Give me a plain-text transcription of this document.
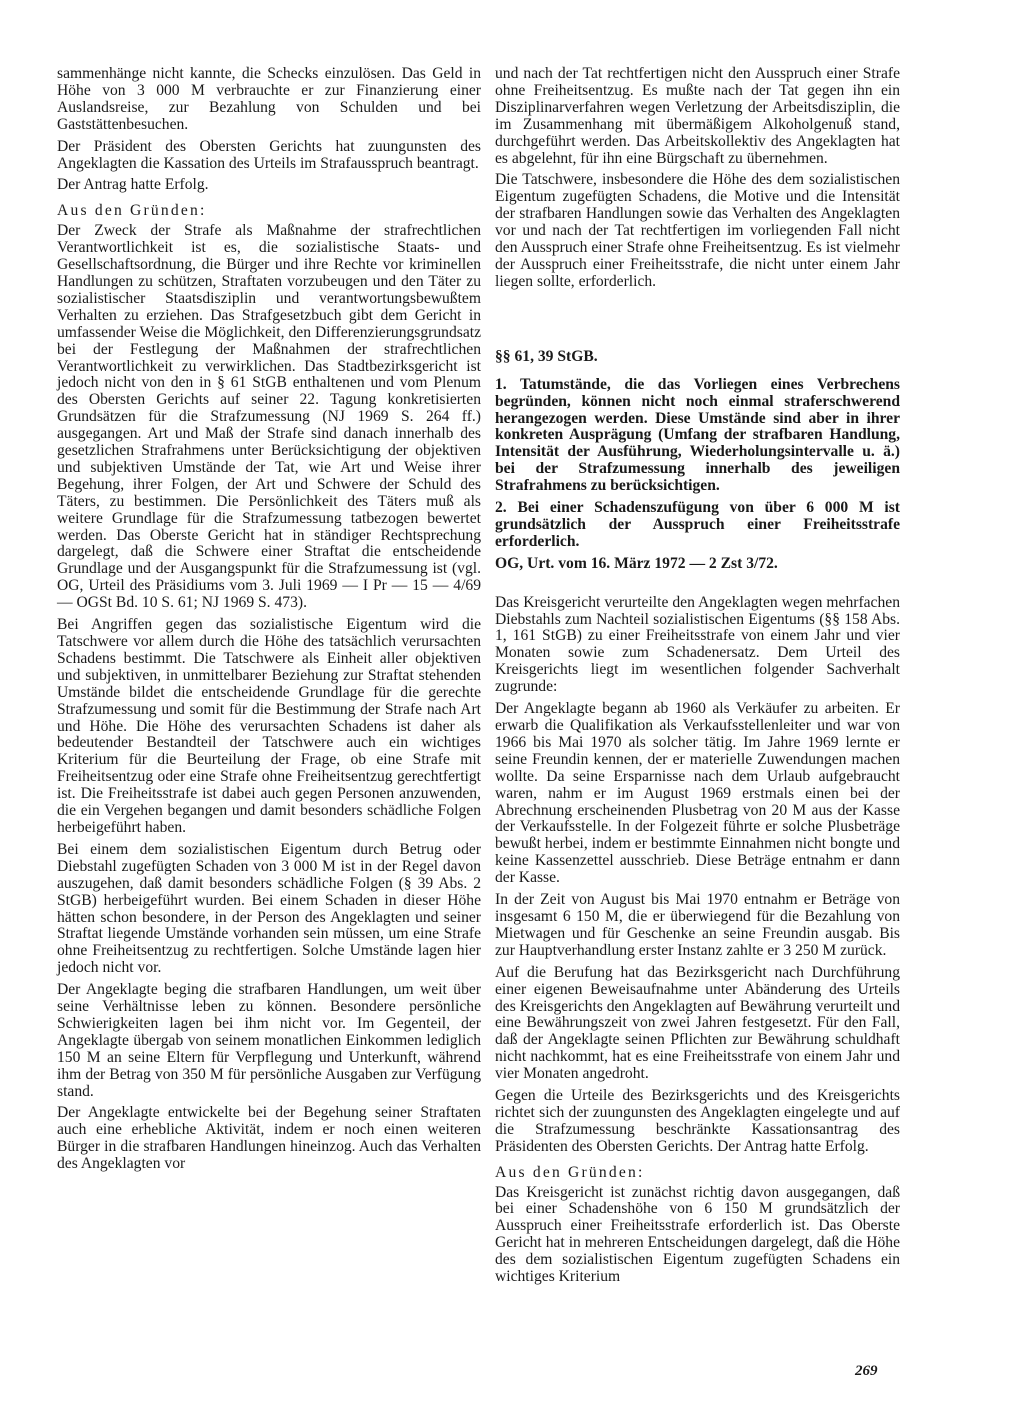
sammenhänge nicht kannte, die Schecks einzulösen. Das Geld in Höhe von 3 000 M verbrauchte er zur Finanzierung einer Auslandsreise, zur Bezahlung von Schulden und bei Gaststättenbesuchen.

Der Präsident des Obersten Gerichts hat zuungunsten des Angeklagten die Kassation des Urteils im Strafausspruch beantragt.

Der Antrag hatte Erfolg.

Aus den Gründen:

Der Zweck der Strafe als Maßnahme der strafrechtlichen Verantwortlichkeit ist es, die sozialistische Staats- und Gesellschaftsordnung, die Bürger und ihre Rechte vor kriminellen Handlungen zu schützen, Straftaten vorzubeugen und den Täter zu sozialistischer Staatsdisziplin und verantwortungsbewußtem Verhalten zu erziehen. Das Strafgesetzbuch gibt dem Gericht in umfassender Weise die Möglichkeit, den Differenzierungsgrundsatz bei der Festlegung der Maßnahmen der strafrechtlichen Verantwortlichkeit zu verwirklichen. Das Stadtbezirksgericht ist jedoch nicht von den in § 61 StGB enthaltenen und vom Plenum des Obersten Gerichts auf seiner 22. Tagung konkretisierten Grundsätzen für die Strafzumessung (NJ 1969 S. 264 ff.) ausgegangen. Art und Maß der Strafe sind danach innerhalb des gesetzlichen Strafrahmens unter Berücksichtigung der objektiven und subjektiven Umstände der Tat, wie Art und Weise ihrer Begehung, ihrer Folgen, der Art und Schwere der Schuld des Täters, zu bestimmen. Die Persönlichkeit des Täters muß als weitere Grundlage für die Strafzumessung tatbezogen bewertet werden. Das Oberste Gericht hat in ständiger Rechtsprechung dargelegt, daß die Schwere einer Straftat die entscheidende Grundlage und der Ausgangspunkt für die Strafzumessung ist (vgl. OG, Urteil des Präsidiums vom 3. Juli 1969 — I Pr — 15 — 4/69 — OGSt Bd. 10 S. 61; NJ 1969 S. 473).

Bei Angriffen gegen das sozialistische Eigentum wird die Tatschwere vor allem durch die Höhe des tatsächlich verursachten Schadens bestimmt. Die Tatschwere als Einheit aller objektiven und subjektiven, in unmittelbarer Beziehung zur Straftat stehenden Umstände bildet die entscheidende Grundlage für die gerechte Strafzumessung und somit für die Bestimmung der Strafe nach Art und Höhe. Die Höhe des verursachten Schadens ist daher als bedeutender Bestandteil der Tatschwere auch ein wichtiges Kriterium für die Beurteilung der Frage, ob eine Strafe mit Freiheitsentzug oder eine Strafe ohne Freiheitsentzug gerechtfertigt ist. Die Freiheitsstrafe ist dabei auch gegen Personen anzuwenden, die ein Vergehen begangen und damit besonders schädliche Folgen herbeigeführt haben.

Bei einem dem sozialistischen Eigentum durch Betrug oder Diebstahl zugefügten Schaden von 3 000 M ist in der Regel davon auszugehen, daß damit besonders schädliche Folgen (§ 39 Abs. 2 StGB) herbeigeführt wurden. Bei einem Schaden in dieser Höhe hätten schon besondere, in der Person des Angeklagten und seiner Straftat liegende Umstände vorhanden sein müssen, um eine Strafe ohne Freiheitsentzug zu rechtfertigen. Solche Umstände lagen hier jedoch nicht vor.

Der Angeklagte beging die strafbaren Handlungen, um weit über seine Verhältnisse leben zu können. Besondere persönliche Schwierigkeiten lagen bei ihm nicht vor. Im Gegenteil, der Angeklagte übergab von seinem monatlichen Einkommen lediglich 150 M an seine Eltern für Verpflegung und Unterkunft, während ihm der Betrag von 350 M für persönliche Ausgaben zur Verfügung stand.

Der Angeklagte entwickelte bei der Begehung seiner Straftaten auch eine erhebliche Aktivität, indem er noch einen weiteren Bürger in die strafbaren Handlungen hineinzog. Auch das Verhalten des Angeklagten vor

und nach der Tat rechtfertigen nicht den Ausspruch einer Strafe ohne Freiheitsentzug. Es mußte nach der Tat gegen ihn ein Disziplinarverfahren wegen Verletzung der Arbeitsdisziplin, die im Zusammenhang mit übermäßigem Alkoholgenuß stand, durchgeführt werden. Das Arbeitskollektiv des Angeklagten hat es abgelehnt, für ihn eine Bürgschaft zu übernehmen.

Die Tatschwere, insbesondere die Höhe des dem sozialistischen Eigentum zugefügten Schadens, die Motive und die Intensität der strafbaren Handlungen sowie das Verhalten des Angeklagten vor und nach der Tat rechtfertigen im vorliegenden Fall nicht den Ausspruch einer Strafe ohne Freiheitsentzug. Es ist vielmehr der Ausspruch einer Freiheitsstrafe, die nicht unter einem Jahr liegen sollte, erforderlich.

§§ 61, 39 StGB.

1. Tatumstände, die das Vorliegen eines Verbrechens begründen, können nicht noch einmal straferschwerend herangezogen werden. Diese Umstände sind aber in ihrer konkreten Ausprägung (Umfang der strafbaren Handlung, Intensität der Ausführung, Wiederholungsintervalle u. ä.) bei der Strafzumessung innerhalb des jeweiligen Strafrahmens zu berücksichtigen.

2. Bei einer Schadenszufügung von über 6 000 M ist grundsätzlich der Ausspruch einer Freiheitsstrafe erforderlich.

OG, Urt. vom 16. März 1972 — 2 Zst 3/72.

Das Kreisgericht verurteilte den Angeklagten wegen mehrfachen Diebstahls zum Nachteil sozialistischen Eigentums (§§ 158 Abs. 1, 161 StGB) zu einer Freiheitsstrafe von einem Jahr und vier Monaten sowie zum Schadenersatz. Dem Urteil des Kreisgerichts liegt im wesentlichen folgender Sachverhalt zugrunde:

Der Angeklagte begann ab 1960 als Verkäufer zu arbeiten. Er erwarb die Qualifikation als Verkaufsstellenleiter und war von 1966 bis Mai 1970 als solcher tätig. Im Jahre 1969 lernte er seine Freundin kennen, der er materielle Zuwendungen machen wollte. Da seine Ersparnisse nach dem Urlaub aufgebraucht waren, nahm er im August 1969 erstmals einen bei der Abrechnung erscheinenden Plusbetrag von 20 M aus der Kasse der Verkaufsstelle. In der Folgezeit führte er solche Plusbeträge bewußt herbei, indem er bestimmte Einnahmen nicht bongte und keine Kassenzettel ausschrieb. Diese Beträge entnahm er dann der Kasse.

In der Zeit von August bis Mai 1970 entnahm er Beträge von insgesamt 6 150 M, die er überwiegend für die Bezahlung von Mietwagen und für Geschenke an seine Freundin ausgab. Bis zur Hauptverhandlung erster Instanz zahlte er 3 250 M zurück.

Auf die Berufung hat das Bezirksgericht nach Durchführung einer eigenen Beweisaufnahme unter Abänderung des Urteils des Kreisgerichts den Angeklagten auf Bewährung verurteilt und eine Bewährungszeit von zwei Jahren festgesetzt. Für den Fall, daß der Angeklagte seinen Pflichten zur Bewährung schuldhaft nicht nachkommt, hat es eine Freiheitsstrafe von einem Jahr und vier Monaten angedroht.

Gegen die Urteile des Bezirksgerichts und des Kreisgerichts richtet sich der zuungunsten des Angeklagten eingelegte und auf die Strafzumessung beschränkte Kassationsantrag des Präsidenten des Obersten Gerichts. Der Antrag hatte Erfolg.

Aus den Gründen:

Das Kreisgericht ist zunächst richtig davon ausgegangen, daß bei einer Schadenshöhe von 6 150 M grundsätzlich der Ausspruch einer Freiheitsstrafe erforderlich ist. Das Oberste Gericht hat in mehreren Entscheidungen dargelegt, daß die Höhe des dem sozialistischen Eigentum zugefügten Schadens ein wichtiges Kriterium

269
